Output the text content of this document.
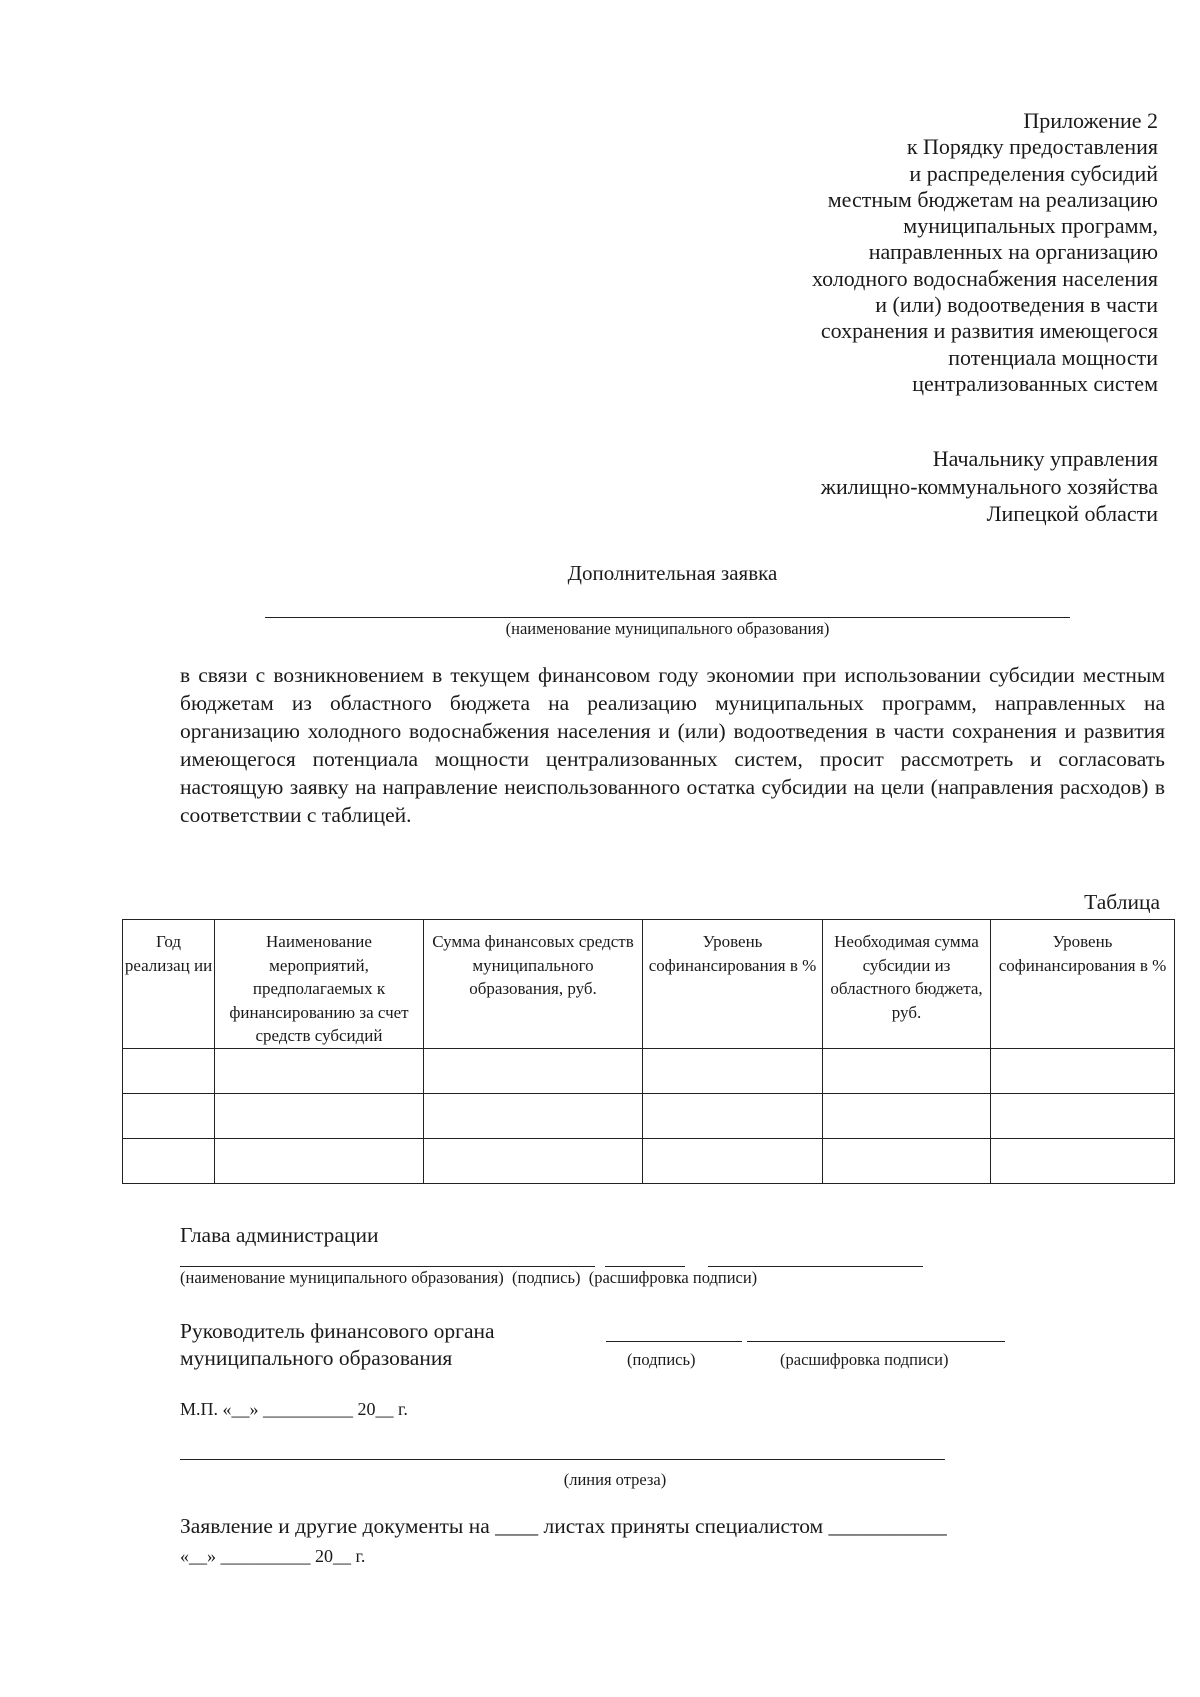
Приложение 2
к Порядку предоставления
и распределения субсидий
местным бюджетам на реализацию
муниципальных программ,
направленных на организацию
холодного водоснабжения населения
и (или) водоотведения в части
сохранения и развития имеющегося
потенциала мощности
централизованных систем
Начальнику управления
жилищно-коммунального хозяйства
Липецкой области
Дополнительная заявка
(наименование муниципального образования)
в связи с возникновением в текущем финансовом году экономии при использовании субсидии местным бюджетам из областного бюджета на реализацию муниципальных программ, направленных на организацию холодного водоснабжения населения и (или) водоотведения в части сохранения и развития имеющегося потенциала мощности централизованных систем, просит рассмотреть и согласовать настоящую заявку на направление неиспользованного остатка субсидии на цели (направления расходов) в соответствии с таблицей.
Таблица
Год реализац ии	Наименование мероприятий, предполагаемых к финансированию за счет средств субсидий	Сумма финансовых средств муниципального образования, руб.	Уровень софинансирования в %	Необходимая сумма субсидии из областного бюджета, руб.	Уровень софинансирования в %

Глава администрации
(наименование муниципального образования)  (подпись)  (расшифровка подписи)
Руководитель финансового органа
муниципального образования	(подпись)	(расшифровка подписи)
М.П. «__» __________ 20__ г.
(линия отреза)
Заявление и другие документы на ____ листах приняты специалистом ___________
«__» __________ 20__ г.
